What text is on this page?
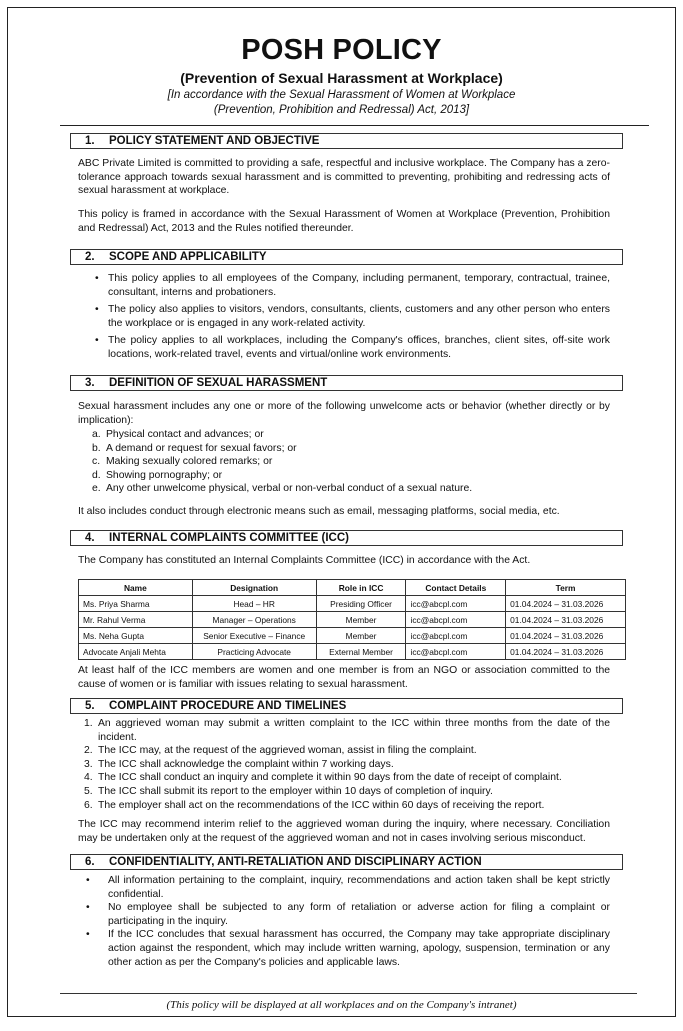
POSH POLICY
(Prevention of Sexual Harassment at Workplace)
[In accordance with the Sexual Harassment of Women at Workplace
(Prevention, Prohibition and Redressal) Act, 2013]
1. POLICY STATEMENT AND OBJECTIVE
ABC Private Limited is committed to providing a safe, respectful and inclusive workplace. The Company has a zero-tolerance approach towards sexual harassment and is committed to preventing, prohibiting and redressing acts of sexual harassment at workplace.
This policy is framed in accordance with the Sexual Harassment of Women at Workplace (Prevention, Prohibition and Redressal) Act, 2013 and the Rules notified thereunder.
2. SCOPE AND APPLICABILITY
• This policy applies to all employees of the Company, including permanent, temporary, contractual, trainee, consultant, interns and probationers.
• The policy also applies to visitors, vendors, consultants, clients, customers and any other person who enters the workplace or is engaged in any work-related activity.
• The policy applies to all workplaces, including the Company's offices, branches, client sites, off-site work locations, work-related travel, events and virtual/online work environments.
3. DEFINITION OF SEXUAL HARASSMENT
Sexual harassment includes any one or more of the following unwelcome acts or behavior (whether directly or by implication):
a. Physical contact and advances; or
b. A demand or request for sexual favors; or
c. Making sexually colored remarks; or
d. Showing pornography; or
e. Any other unwelcome physical, verbal or non-verbal conduct of a sexual nature.
It also includes conduct through electronic means such as email, messaging platforms, social media, etc.
4. INTERNAL COMPLAINTS COMMITTEE (ICC)
The Company has constituted an Internal Complaints Committee (ICC) in accordance with the Act.
Name	Designation	Role in ICC	Contact Details	Term
Ms. Priya Sharma	Head – HR	Presiding Officer	icc@abcpl.com	01.04.2024 – 31.03.2026
Mr. Rahul Verma	Manager – Operations	Member	icc@abcpl.com	01.04.2024 – 31.03.2026
Ms. Neha Gupta	Senior Executive – Finance	Member	icc@abcpl.com	01.04.2024 – 31.03.2026
Advocate Anjali Mehta	Practicing Advocate	External Member	icc@abcpl.com	01.04.2024 – 31.03.2026
At least half of the ICC members are women and one member is from an NGO or association committed to the cause of women or is familiar with issues relating to sexual harassment.
5. COMPLAINT PROCEDURE AND TIMELINES
1. An aggrieved woman may submit a written complaint to the ICC within three months from the date of the incident.
2. The ICC may, at the request of the aggrieved woman, assist in filing the complaint.
3. The ICC shall acknowledge the complaint within 7 working days.
4. The ICC shall conduct an inquiry and complete it within 90 days from the date of receipt of complaint.
5. The ICC shall submit its report to the employer within 10 days of completion of inquiry.
6. The employer shall act on the recommendations of the ICC within 60 days of receiving the report.
The ICC may recommend interim relief to the aggrieved woman during the inquiry, where necessary. Conciliation may be undertaken only at the request of the aggrieved woman and not in cases involving serious misconduct.
6. CONFIDENTIALITY, ANTI-RETALIATION AND DISCIPLINARY ACTION
• All information pertaining to the complaint, inquiry, recommendations and action taken shall be kept strictly confidential.
• No employee shall be subjected to any form of retaliation or adverse action for filing a complaint or participating in the inquiry.
• If the ICC concludes that sexual harassment has occurred, the Company may take appropriate disciplinary action against the respondent, which may include written warning, apology, suspension, termination or any other action as per the Company's policies and applicable laws.
(This policy will be displayed at all workplaces and on the Company's intranet)
